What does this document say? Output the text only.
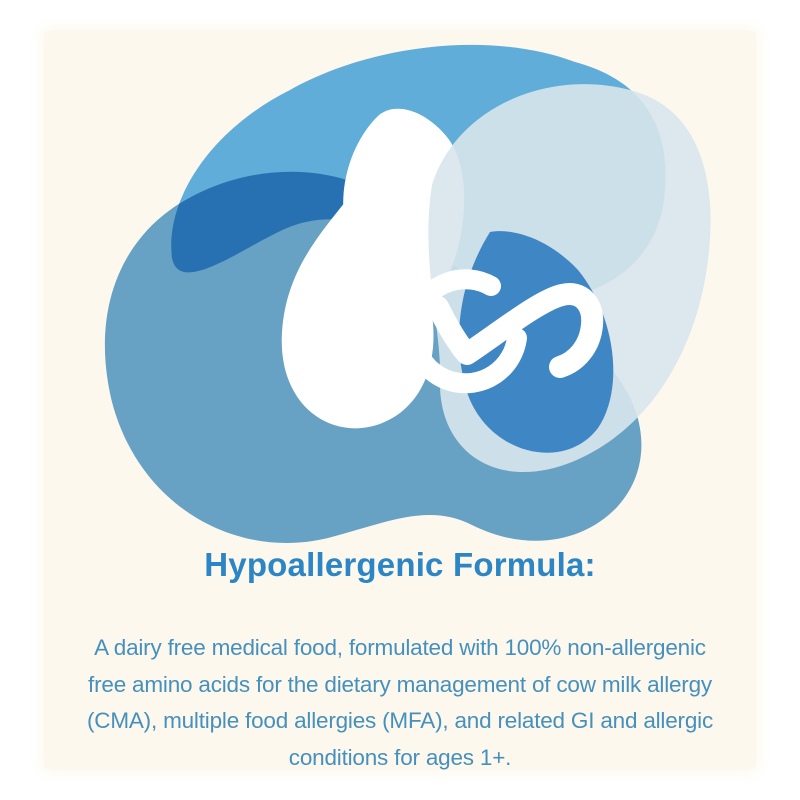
Hypoallergenic Formula:
A dairy free medical food, formulated with 100% non-allergenic
free amino acids for the dietary management of cow milk allergy
(CMA), multiple food allergies (MFA), and related GI and allergic
conditions for ages 1+.
